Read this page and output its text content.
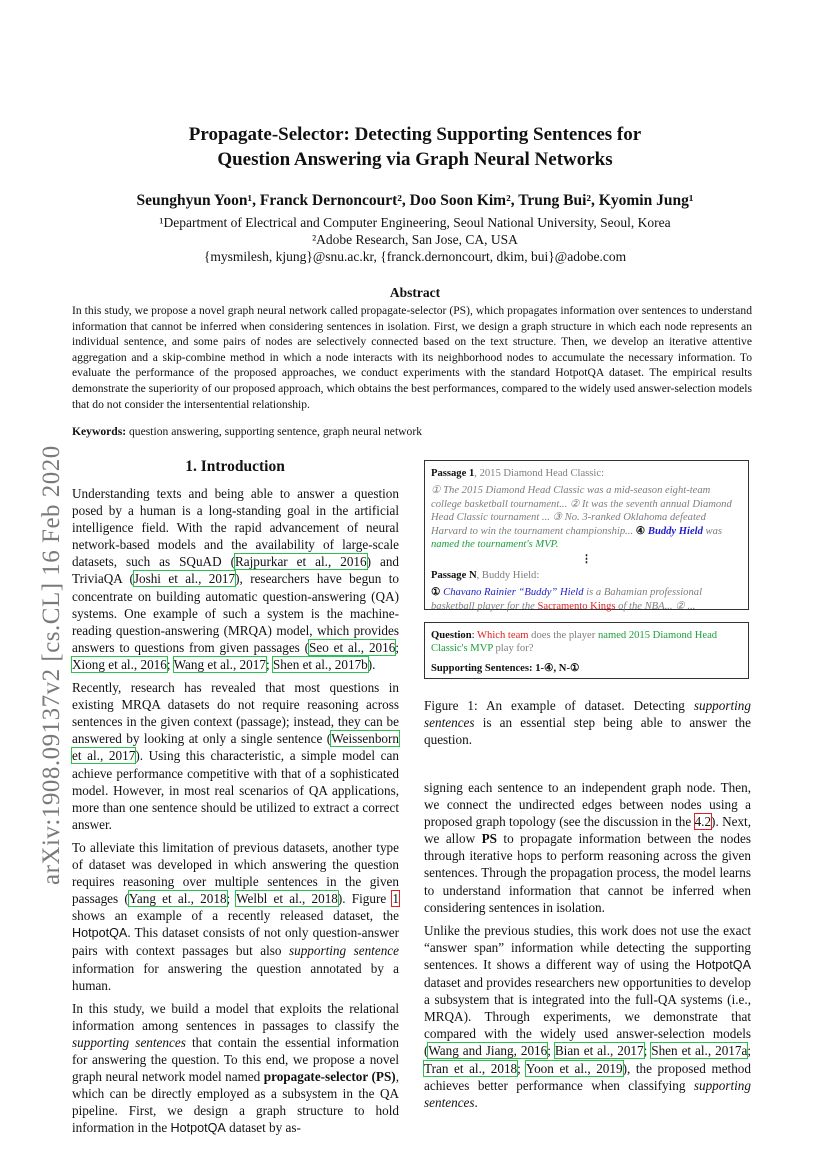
arXiv:1908.09137v2 [cs.CL] 16 Feb 2020
Propagate-Selector: Detecting Supporting Sentences for
Question Answering via Graph Neural Networks
Seunghyun Yoon¹, Franck Dernoncourt², Doo Soon Kim², Trung Bui², Kyomin Jung¹
¹Department of Electrical and Computer Engineering, Seoul National University, Seoul, Korea
²Adobe Research, San Jose, CA, USA
{mysmilesh, kjung}@snu.ac.kr, {franck.dernoncourt, dkim, bui}@adobe.com
Abstract
In this study, we propose a novel graph neural network called propagate-selector (PS), which propagates information over sentences to understand information that cannot be inferred when considering sentences in isolation. First, we design a graph structure in which each node represents an individual sentence, and some pairs of nodes are selectively connected based on the text structure. Then, we develop an iterative attentive aggregation and a skip-combine method in which a node interacts with its neighborhood nodes to accumulate the necessary information. To evaluate the performance of the proposed approaches, we conduct experiments with the standard HotpotQA dataset. The empirical results demonstrate the superiority of our proposed approach, which obtains the best performances, compared to the widely used answer-selection models that do not consider the intersentential relationship.
Keywords: question answering, supporting sentence, graph neural network
1. Introduction

Understanding texts and being able to answer a question posed by a human is a long-standing goal in the artificial intelligence field. With the rapid advancement of neural network-based models and the availability of large-scale datasets, such as SQuAD (Rajpurkar et al., 2016) and TriviaQA (Joshi et al., 2017), researchers have begun to concentrate on building automatic question-answering (QA) systems. One example of such a system is the machine-reading question-answering (MRQA) model, which provides answers to questions from given passages (Seo et al., 2016; Xiong et al., 2016; Wang et al., 2017; Shen et al., 2017b).

Recently, research has revealed that most questions in existing MRQA datasets do not require reasoning across sentences in the given context (passage); instead, they can be answered by looking at only a single sentence (Weissenborn et al., 2017). Using this characteristic, a simple model can achieve performance competitive with that of a sophisticated model. However, in most real scenarios of QA applications, more than one sentence should be utilized to extract a correct answer.

To alleviate this limitation of previous datasets, another type of dataset was developed in which answering the question requires reasoning over multiple sentences in the given passages (Yang et al., 2018; Welbl et al., 2018). Figure 1 shows an example of a recently released dataset, the HotpotQA. This dataset consists of not only question-answer pairs with context passages but also supporting sentence information for answering the question annotated by a human.

In this study, we build a model that exploits the relational information among sentences in passages to classify the supporting sentences that contain the essential information for answering the question. To this end, we propose a novel graph neural network model named propagate-selector (PS), which can be directly employed as a subsystem in the QA pipeline. First, we design a graph structure to hold information in the HotpotQA dataset by as-

Passage 1, 2015 Diamond Head Classic:
① The 2015 Diamond Head Classic was a mid-season eight-team college basketball tournament... ② It was the seventh annual Diamond Head Classic tournament ... ③ No. 3-ranked Oklahoma defeated Harvard to win the tournament championship... ④ Buddy Hield was named the tournament's MVP.
⋮
Passage N, Buddy Hield:
① Chavano Rainier “Buddy” Hield is a Bahamian professional basketball player for the Sacramento Kings of the NBA... ② ...
Question: Which team does the player named 2015 Diamond Head Classic's MVP play for?
Supporting Sentences: 1-④, N-①
Figure 1: An example of dataset. Detecting supporting sentences is an essential step being able to answer the question.

signing each sentence to an independent graph node. Then, we connect the undirected edges between nodes using a proposed graph topology (see the discussion in the 4.2). Next, we allow PS to propagate information between the nodes through iterative hops to perform reasoning across the given sentences. Through the propagation process, the model learns to understand information that cannot be inferred when considering sentences in isolation.

Unlike the previous studies, this work does not use the exact “answer span” information while detecting the supporting sentences. It shows a different way of using the HotpotQA dataset and provides researchers new opportunities to develop a subsystem that is integrated into the full-QA systems (i.e., MRQA). Through experiments, we demonstrate that compared with the widely used answer-selection models (Wang and Jiang, 2016; Bian et al., 2017; Shen et al., 2017a; Tran et al., 2018; Yoon et al., 2019), the proposed method achieves better performance when classifying supporting sentences.
